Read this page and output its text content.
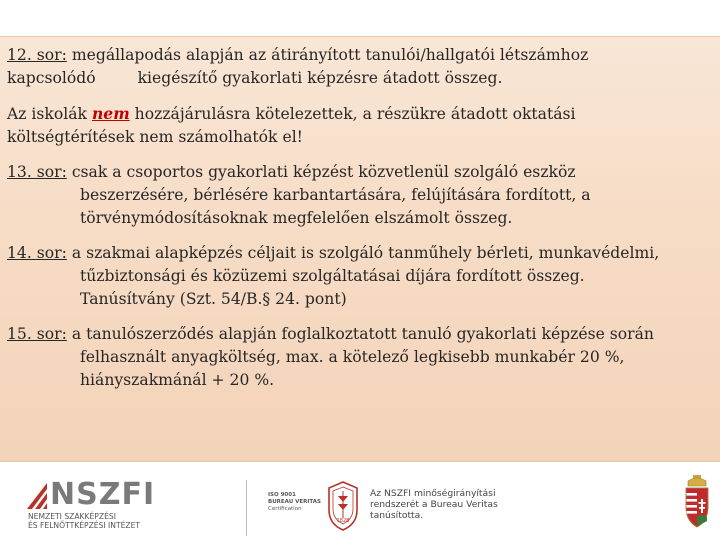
12. sor: megállapodás alapján az átirányított tanulói/hallgatói létszámhoz
kapcsolódó	kiegészítő gyakorlati képzésre átadott összeg.
Az iskolák nem hozzájárulásra kötelezettek, a részükre átadott oktatási
költségtérítések nem számolhatók el!
13. sor: csak a csoportos gyakorlati képzést közvetlenül szolgáló eszköz
beszerzésére, bérlésére karbantartására, felújítására fordított, a
törvénymódosításoknak megfelelően elszámolt összeg.
14. sor: a szakmai alapképzés céljait is szolgáló tanműhely bérleti, munkavédelmi,
tűzbiztonsági és közüzemi szolgáltatásai díjára fordított összeg.
Tanúsítvány (Szt. 54/B.§ 24. pont)
15. sor: a tanulószerződés alapján foglalkoztatott tanuló gyakorlati képzése során
felhasznált anyagköltség, max. a kötelező legkisebb munkabér 20 %,
hiányszakmánál + 20 %.
NSZFI
NEMZETI SZAKKÉPZÉSI
ÉS FELNŐTTKÉPZÉSI INTÉZET
ISO 9001
BUREAU VERITAS
Certification
1828
Az NSZFI minőségirányítási
rendszerét a Bureau Veritas
tanúsította.
